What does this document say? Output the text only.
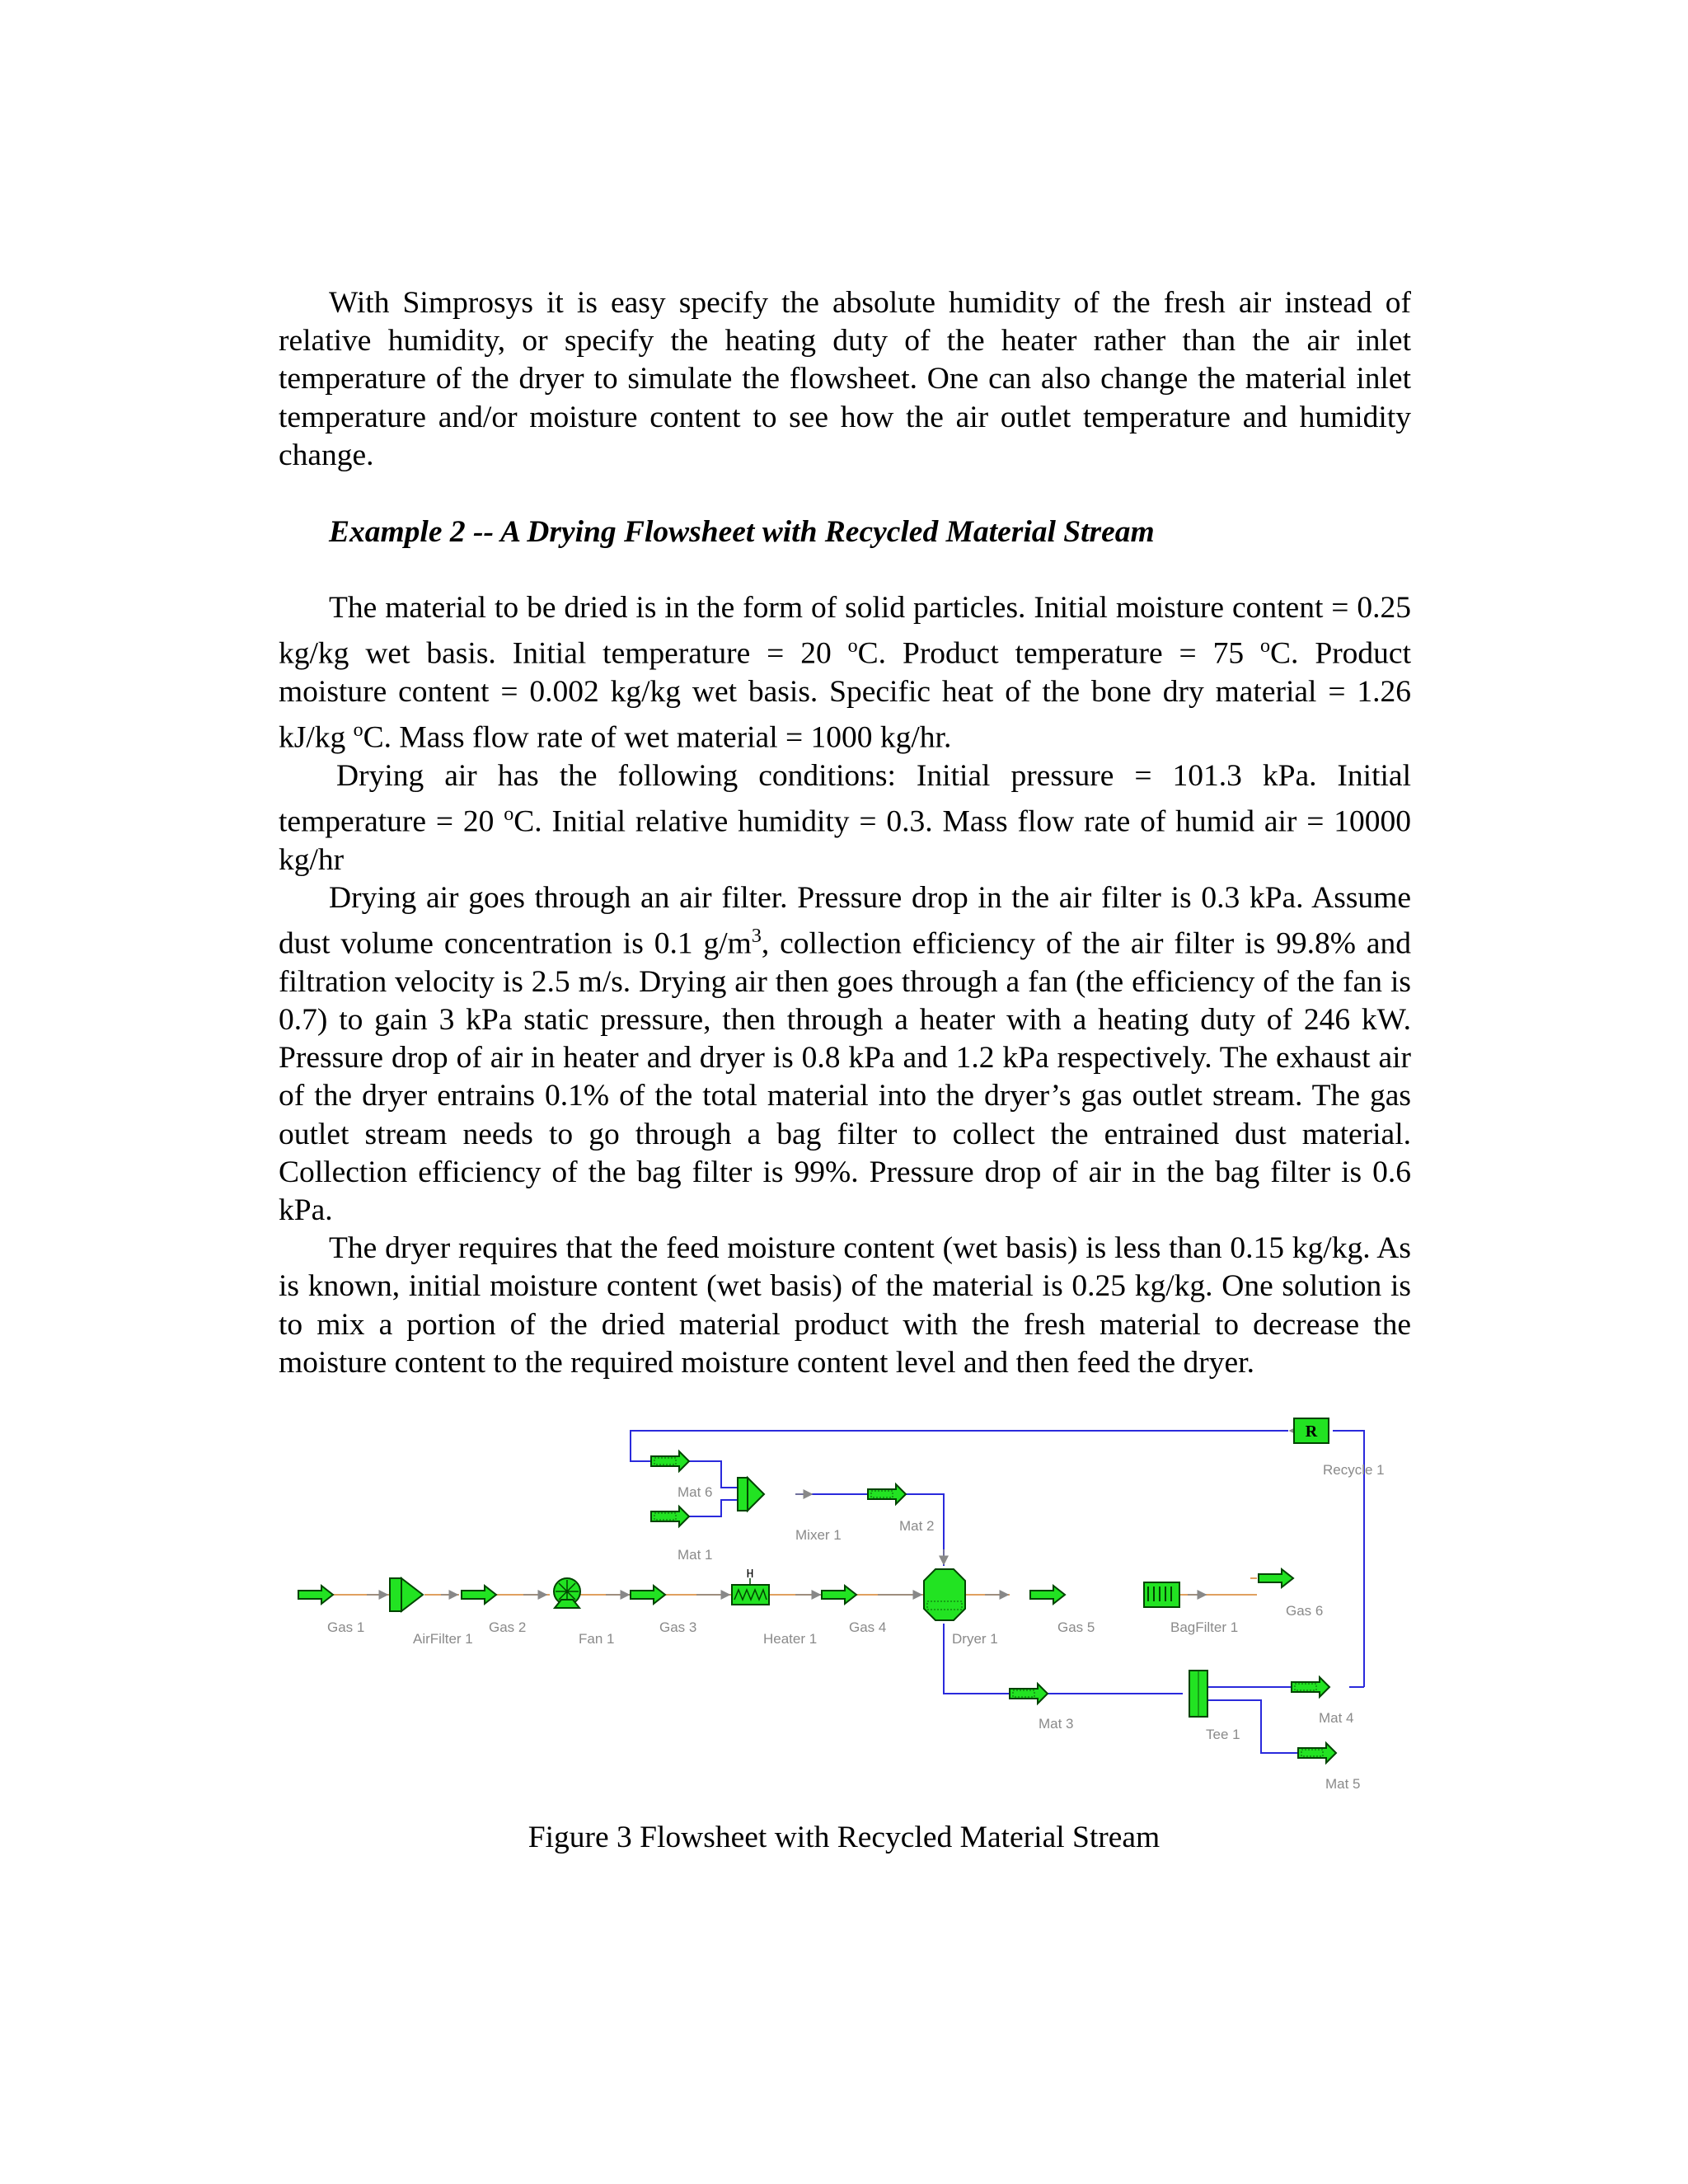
With Simprosys it is easy specify the absolute humidity of the fresh air instead of relative humidity, or specify the heating duty of the heater rather than the air inlet temperature of the dryer to simulate the flowsheet. One can also change the material inlet temperature and/or moisture content to see how the air outlet temperature and humidity change.

Example 2 -- A Drying Flowsheet with Recycled Material Stream

The material to be dried is in the form of solid particles. Initial moisture content = 0.25 kg/kg wet basis. Initial temperature = 20 $^o$C. Product temperature = 75 $^o$C. Product moisture content = 0.002 kg/kg wet basis. Specific heat of the bone dry material = 1.26 kJ/kg $^o$C. Mass flow rate of wet material = 1000 kg/hr.

Drying air has the following conditions: Initial pressure = 101.3 kPa. Initial temperature = 20 $^o$C. Initial relative humidity = 0.3. Mass flow rate of humid air = 10000 kg/hr

Drying air goes through an air filter. Pressure drop in the air filter is 0.3 kPa. Assume dust volume concentration is 0.1 $g/m^3$, collection efficiency of the air filter is 99.8% and filtration velocity is 2.5 m/s. Drying air then goes through a fan (the efficiency of the fan is 0.7) to gain 3 kPa static pressure, then through a heater with a heating duty of 246 kW. Pressure drop of air in heater and dryer is 0.8 kPa and 1.2 kPa respectively. The exhaust air of the dryer entrains 0.1% of the total material into the dryer’s gas outlet stream. The gas outlet stream needs to go through a bag filter to collect the entrained dust material. Collection efficiency of the bag filter is 99%. Pressure drop of air in the bag filter is 0.6 kPa.

The dryer requires that the feed moisture content (wet basis) is less than 0.15 kg/kg. As is known, initial moisture content (wet basis) of the material is 0.25 kg/kg. One solution is to mix a portion of the dried material product with the fresh material to decrease the moisture content to the required moisture content level and then feed the dryer.

H
R
Gas 1
AirFilter 1
Gas 2
Fan 1
Gas 3
Heater 1
Gas 4
Dryer 1
Gas 5	BagFilter 1
Gas 6
Mat 6
Mat 1
Mixer 1
Mat 2
Recycle 1
Mat 3
Tee 1
Mat 4
Mat 5
Figure 3 Flowsheet with Recycled Material Stream
